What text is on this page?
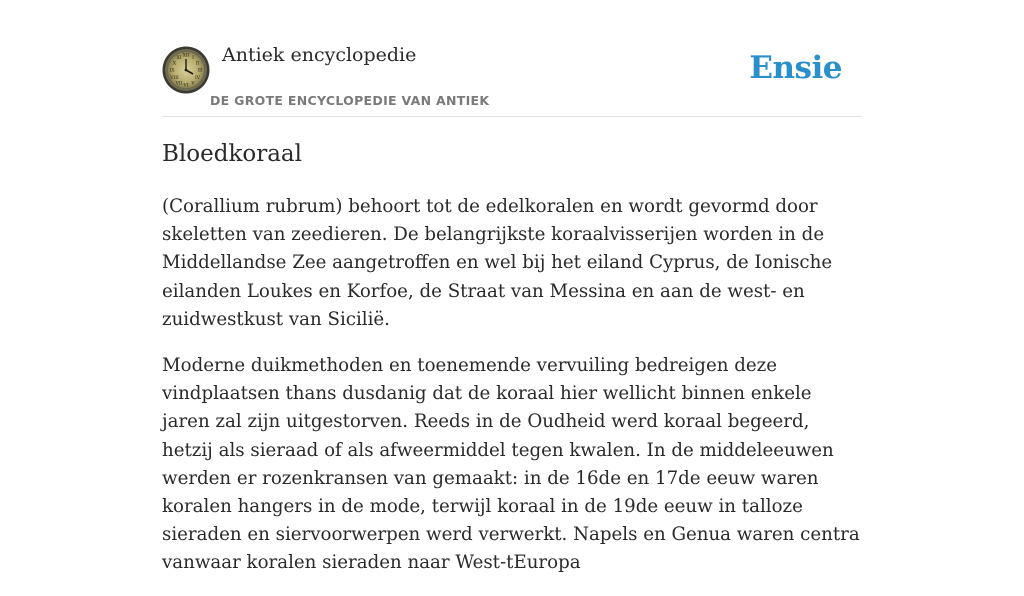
XII
III
VI
IX
I
II
IV
V
VII
VIII
X
XI Antiek encyclopedie
DE GROTE ENCYCLOPEDIE VAN ANTIEK
Ensie
Bloedkoraal

(Corallium rubrum) behoort tot de edelkoralen en wordt gevormd door skeletten van zeedieren. De belangrijkste koraalvisserijen worden in de Middellandse Zee aangetroffen en wel bij het eiland Cyprus, de Ionische eilanden Loukes en Korfoe, de Straat van Messina en aan de west- en zuidwestkust van Sicilië.

Moderne duikmethoden en toenemende vervuiling bedreigen deze vindplaatsen thans dusdanig dat de koraal hier wellicht binnen enkele jaren zal zijn uitgestorven. Reeds in de Oudheid werd koraal begeerd, hetzij als sieraad of als afweermiddel tegen kwalen. In de middeleeuwen werden er rozenkransen van gemaakt: in de 16de en 17de eeuw waren koralen hangers in de mode, terwijl koraal in de 19de eeuw in talloze sieraden en siervoorwerpen werd verwerkt. Napels en Genua waren centra vanwaar koralen sieraden naar West-tEuropa
